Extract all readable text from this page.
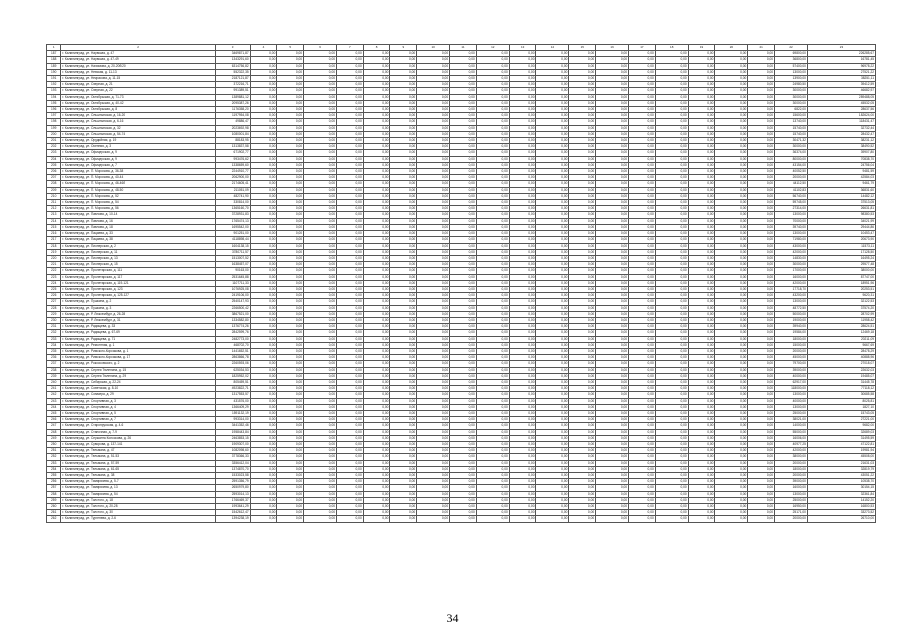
1	2	3	4	5	6	7	8	9	10	11	12	13	14	15	16	17	18	19	20	21	22	23
187	г. Калининград, ул. Нарвская, д. 47	3469871,87	0,00	0,00	0,00	0,00	0,00	0,00	0,00	0,00	0,00	0,00	0,00	0,00	0,00	0,00	0,00	0,00	0,00	0,00	69800,00	226285,67
188	г. Калининград, ул. Нарвская, д. 47-49	1343291,60	0,00	0,00	0,00	0,00	0,00	0,00	0,00	0,00	0,00	0,00	0,00	0,00	0,00	0,00	0,00	0,00	0,00	0,00	36800,00	16781,45
189	г. Калининград, ул. Нахимова, д. 20-20б/20	6314756,82	0,00	0,00	0,00	0,00	0,00	0,00	0,00	0,00	0,00	0,00	0,00	0,00	0,00	0,00	0,00	0,00	0,00	0,00	57400,00	96978,22
190	г. Калининград, ул. Невская, д. 11-13	552322,35	0,00	0,00	0,00	0,00	0,00	0,00	0,00	0,00	0,00	0,00	0,00	0,00	0,00	0,00	0,00	0,00	0,00	0,00	13000,00	27521,22
191	г. Калининград, ул. Некрасова, д. 11-15	2187121,87	0,00	0,00	0,00	0,00	0,00	0,00	0,00	0,00	0,00	0,00	0,00	0,00	0,00	0,00	0,00	0,00	0,00	0,00	13900,00	38251,11
192	г. Калининград, ул. Озерная, д. 21	372216,71	0,00	0,00	0,00	0,00	0,00	0,00	0,00	0,00	0,00	0,00	0,00	0,00	0,00	0,00	0,00	0,00	0,00	0,00	24980,50	39412,59
193	г. Калининград, ул. Озерная, д. 22	991389,51	0,00	0,00	0,00	0,00	0,00	0,00	0,00	0,00	0,00	0,00	0,00	0,00	0,00	0,00	0,00	0,00	0,00	0,00	30000,00	46682,97
194	г. Калининград, ул. Октябрьская, д. 71-73	1389881,12	0,00	0,00	0,00	0,00	0,00	0,00	0,00	0,00	0,00	0,00	0,00	0,00	0,00	0,00	0,00	0,00	0,00	0,00	30000,00	289488,05
195	г. Калининград, ул. Октябрьская, д. 40-42	2095387,26	0,00	0,00	0,00	0,00	0,00	0,00	0,00	0,00	0,00	0,00	0,00	0,00	0,00	0,00	0,00	0,00	0,00	0,00	30000,00	45532,05
196	г. Калининград, ул. Октябрьская, д. 8	1176358,20	0,00	0,00	0,00	0,00	0,00	0,00	0,00	0,00	0,00	0,00	0,00	0,00	0,00	0,00	0,00	0,00	0,00	0,00	6822,00	28637,56
197	г. Калининград, ул. Ольштынская, д. 16-20	1197954,08	0,00	0,00	0,00	0,00	0,00	0,00	0,00	0,00	0,00	0,00	0,00	0,00	0,00	0,00	0,00	0,00	0,00	0,00	15600,00	182624,00
198	г. Калининград, ул. Ольштынская, д. 6-16	49886,47	0,00	0,00	0,00	0,00	0,00	0,00	0,00	0,00	0,00	0,00	0,00	0,00	0,00	0,00	0,00	0,00	0,00	0,00	13740,00	118431,47
199	г. Калининград, ул. Ольштынская, д. 32	2023692,98	0,00	0,00	0,00	0,00	0,00	0,00	0,00	0,00	0,00	0,00	0,00	0,00	0,00	0,00	0,00	0,00	0,00	0,00	15740,00	32732,44
200	г. Калининград, ул. Ольштынская, д. 54-74	1080001,84	0,00	0,00	0,00	0,00	0,00	0,00	0,00	0,00	0,00	0,00	0,00	0,00	0,00	0,00	0,00	0,00	0,00	0,00	15740,00	28432,47
201	г. Калининград, ул. Орудийная, д. 19	88183,95	0,00	0,00	0,00	0,00	0,00	0,00	0,00	0,00	0,00	0,00	0,00	0,00	0,00	0,00	0,00	0,00	0,00	0,00	30471,32	38231,12
202	г. Калининград, ул. Осенняя, д. 3	1313837,58	0,00	0,00	0,00	0,00	0,00	0,00	0,00	0,00	0,00	0,00	0,00	0,00	0,00	0,00	0,00	0,00	0,00	0,00	30000,00	38490,52
203	г. Калининград, ул. Офицерская, д. 9	671902,77	0,00	0,00	0,00	0,00	0,00	0,00	0,00	0,00	0,00	0,00	0,00	0,00	0,00	0,00	0,00	0,00	0,00	0,00	36374,00	39907,80
204	г. Калининград, ул. Офицерская, д. 9	993476,62	0,00	0,00	0,00	0,00	0,00	0,00	0,00	0,00	0,00	0,00	0,00	0,00	0,00	0,00	0,00	0,00	0,00	0,00	80000,00	70838,70
205	г. Калининград, ул. Офицерская, д. 7	1338659,60	0,00	0,00	0,00	0,00	0,00	0,00	0,00	0,00	0,00	0,00	0,00	0,00	0,00	0,00	0,00	0,00	0,00	0,00	43154,00	24756,04
206	г. Калининград, ул. П. Морозова, д. 36-38	2244910,77	0,00	0,00	0,00	0,00	0,00	0,00	0,00	0,00	0,00	0,00	0,00	0,00	0,00	0,00	0,00	0,00	0,00	0,00	40052,50	9481,59
207	г. Калининград, ул. П. Морозова, д. 40-44	2062900,00	0,00	0,00	0,00	0,00	0,00	0,00	0,00	0,00	0,00	0,00	0,00	0,00	0,00	0,00	0,00	0,00	0,00	0,00	20000,00	42584,03
208	г. Калининград, ул. П. Морозова, д. 46-46б	2174605,41	0,00	0,00	0,00	0,00	0,00	0,00	0,00	0,00	0,00	0,00	0,00	0,00	0,00	0,00	0,00	0,00	0,00	0,00	44112,50	9461,79
209	г. Калининград, ул. П. Морозова, д. 48-50	211051,09	0,00	0,00	0,00	0,00	0,00	0,00	0,00	0,00	0,00	0,00	0,00	0,00	0,00	0,00	0,00	0,00	0,00	0,00	41102,83	36831,60
210	г. Калининград, ул. П. Морозова, д. 52	482741,90	0,00	0,00	0,00	0,00	0,00	0,00	0,00	0,00	0,00	0,00	0,00	0,00	0,00	0,00	0,00	0,00	0,00	0,00	56740,00	14482,12
211	г. Калининград, ул. П. Морозова, д. 54	330814,00	0,00	0,00	0,00	0,00	0,00	0,00	0,00	0,00	0,00	0,00	0,00	0,00	0,00	0,00	0,00	0,00	0,00	0,00	59745,00	37513,05
212	г. Калининград, ул. П. Морозова, д. 56	1365160,70	0,00	0,00	0,00	0,00	0,00	0,00	0,00	0,00	0,00	0,00	0,00	0,00	0,00	0,00	0,00	0,00	0,00	0,00	27314,00	26631,81
213	г. Калининград, ул. Павлова, д. 10-14	3728931,83	0,00	0,00	0,00	0,00	0,00	0,00	0,00	0,00	0,00	0,00	0,00	0,00	0,00	0,00	0,00	0,00	0,00	0,00	13000,00	98380,53
214	г. Калининград, ул. Павлова, д. 16	1765474,13	0,00	0,00	0,00	0,00	0,00	0,00	0,00	0,00	0,00	0,00	0,00	0,00	0,00	0,00	0,00	0,00	0,00	0,00	70000,00	34021,99
215	г. Калининград, ул. Павлова, д. 18	1695542,00	0,00	0,00	0,00	0,00	0,00	0,00	0,00	0,00	0,00	0,00	0,00	0,00	0,00	0,00	0,00	0,00	0,00	0,00	39740,00	29444,86
216	г. Калининград, ул. Пацаева, д. 33	901251,00	0,00	0,00	0,00	0,00	0,00	0,00	0,00	0,00	0,00	0,00	0,00	0,00	0,00	0,00	0,00	0,00	0,00	0,00	13000,00	10453,47
217	г. Калининград, ул. Пацаева, д. 38	4118898,44	0,00	0,00	0,00	0,00	0,00	0,00	0,00	0,00	0,00	0,00	0,00	0,00	0,00	0,00	0,00	0,00	0,00	0,00	71980,00	20673,90
218	г. Калининград, ул. Пионерская, д. 2	1604138,15	0,00	0,00	0,00	0,00	0,00	0,00	0,00	0,00	0,00	0,00	0,00	0,00	0,00	0,00	0,00	0,00	0,00	0,00	43000,00	11573,11
219	г. Калининград, ул. Пионерская, д. 11	3780711,57	0,00	0,00	0,00	0,00	0,00	0,00	0,00	0,00	0,00	0,00	0,00	0,00	0,00	0,00	0,00	0,00	0,00	0,00	42000,00	17128,50
220	г. Калининград, ул. Пионерская, д. 13	1513007,52	0,00	0,00	0,00	0,00	0,00	0,00	0,00	0,00	0,00	0,00	0,00	0,00	0,00	0,00	0,00	0,00	0,00	0,00	14830,00	16495,24
221	г. Калининград, ул. Пионерская, д. 15	1638457,07	0,00	0,00	0,00	0,00	0,00	0,00	0,00	0,00	0,00	0,00	0,00	0,00	0,00	0,00	0,00	0,00	0,00	0,00	30000,00	29577,48
222	г. Калининград, ул. Пролетарская, д. 111	90163,00	0,00	0,00	0,00	0,00	0,00	0,00	0,00	0,00	0,00	0,00	0,00	0,00	0,00	0,00	0,00	0,00	0,00	0,00	17000,00	38000,00
223	г. Калининград, ул. Пролетарская, д. 117	2531645,88	0,00	0,00	0,00	0,00	0,00	0,00	0,00	0,00	0,00	0,00	0,00	0,00	0,00	0,00	0,00	0,00	0,00	0,00	16000,00	87747,00
224	г. Калининград, ул. Пролетарская, д. 119-121	1107711,33	0,00	0,00	0,00	0,00	0,00	0,00	0,00	0,00	0,00	0,00	0,00	0,00	0,00	0,00	0,00	0,00	0,00	0,00	42000,00	18951,96
225	г. Калининград, ул. Пролетарская, д. 123	1076925,08	0,00	0,00	0,00	0,00	0,00	0,00	0,00	0,00	0,00	0,00	0,00	0,00	0,00	0,00	0,00	0,00	0,00	0,00	17718,70	20253,51
226	г. Калининград, ул. Пролетарская, д. 125-127	2419106,00	0,00	0,00	0,00	0,00	0,00	0,00	0,00	0,00	0,00	0,00	0,00	0,00	0,00	0,00	0,00	0,00	0,00	0,00	43200,00	9620,31
227	г. Калининград, ул. Пушкина, д. 2	2540147,93	0,00	0,00	0,00	0,00	0,00	0,00	0,00	0,00	0,00	0,00	0,00	0,00	0,00	0,00	0,00	0,00	0,00	0,00	13000,00	32122,53
228	г. Калининград, ул. Пушкина, д. 3	2266500,42	0,00	0,00	0,00	0,00	0,00	0,00	0,00	0,00	0,00	0,00	0,00	0,00	0,00	0,00	0,00	0,00	0,00	0,00	48772,50	37574,20
229	г. Калининград, ул. Р. Люксембург, д. 26-28	3867521,00	0,00	0,00	0,00	0,00	0,00	0,00	0,00	0,00	0,00	0,00	0,00	0,00	0,00	0,00	0,00	0,00	0,00	0,00	50000,00	28702,99
230	г. Калининград, ул. Р. Люксембург, д. 31	1334582,80	0,00	0,00	0,00	0,00	0,00	0,00	0,00	0,00	0,00	0,00	0,00	0,00	0,00	0,00	0,00	0,00	0,00	0,00	19000,00	11958,42
231	г. Калининград, ул. Радищева, д. 33	1376774,26	0,00	0,00	0,00	0,00	0,00	0,00	0,00	0,00	0,00	0,00	0,00	0,00	0,00	0,00	0,00	0,00	0,00	0,00	39940,00	28624,51
232	г. Калининград, ул. Радищева, д. 67-69	2842599,76	0,00	0,00	0,00	0,00	0,00	0,00	0,00	0,00	0,00	0,00	0,00	0,00	0,00	0,00	0,00	0,00	0,00	0,00	19584,00	12469,18
233	г. Калининград, ул. Радищева, д. 71	2482773,00	0,00	0,00	0,00	0,00	0,00	0,00	0,00	0,00	0,00	0,00	0,00	0,00	0,00	0,00	0,00	0,00	0,00	0,00	18000,00	20211,09
234	г. Калининград, ул. Ремонтная, д. 1	468702,70	0,00	0,00	0,00	0,00	0,00	0,00	0,00	0,00	0,00	0,00	0,00	0,00	0,00	0,00	0,00	0,00	0,00	0,00	15000,00	9667,69
235	г. Калининград, ул. Римского-Корсакова, д. 1	1441652,51	0,00	0,00	0,00	0,00	0,00	0,00	0,00	0,00	0,00	0,00	0,00	0,00	0,00	0,00	0,00	0,00	0,00	0,00	20000,00	28478,29
236	г. Калининград, ул. Римского-Корсакова, д. 17	2863866,78	0,00	0,00	0,00	0,00	0,00	0,00	0,00	0,00	0,00	0,00	0,00	0,00	0,00	0,00	0,00	0,00	0,00	0,00	45000,00	40888,96
237	г. Калининград, ул. Рокоссовского, д. 2	2260593,06	0,00	0,00	0,00	0,00	0,00	0,00	0,00	0,00	0,00	0,00	0,00	0,00	0,00	0,00	0,00	0,00	0,00	0,00	79700,00	27018,07
238	г. Калининград, ул. Сергея Тюленина, д. 15	625034,53	0,00	0,00	0,00	0,00	0,00	0,00	0,00	0,00	0,00	0,00	0,00	0,00	0,00	0,00	0,00	0,00	0,00	0,00	39000,00	22632,03
239	г. Калининград, ул. Сергея Тюленина, д. 29	1825952,02	0,00	0,00	0,00	0,00	0,00	0,00	0,00	0,00	0,00	0,00	0,00	0,00	0,00	0,00	0,00	0,00	0,00	0,00	40000,00	19485,07
240	г. Калининград, ул. Сибирская, д. 22-24	805459,51	0,00	0,00	0,00	0,00	0,00	0,00	0,00	0,00	0,00	0,00	0,00	0,00	0,00	0,00	0,00	0,00	0,00	0,00	62917,00	31445,78
241	г. Калининград, ул. Советская, д. 8-10	4923822,71	0,00	0,00	0,00	0,00	0,00	0,00	0,00	0,00	0,00	0,00	0,00	0,00	0,00	0,00	0,00	0,00	0,00	0,00	118000,00	77118,12
242	г. Калининград, ул. Соммера, д. 29	1317553,57	0,00	0,00	0,00	0,00	0,00	0,00	0,00	0,00	0,00	0,00	0,00	0,00	0,00	0,00	0,00	0,00	0,00	0,00	13000,00	30685,58
243	г. Калининград, ул. Спортивная, д. 3	431576,00	0,00	0,00	0,00	0,00	0,00	0,00	0,00	0,00	0,00	0,00	0,00	0,00	0,00	0,00	0,00	0,00	0,00	0,00	40000,00	8025,81
244	г. Калининград, ул. Спортивная, д. 4	1366409,29	0,00	0,00	0,00	0,00	0,00	0,00	0,00	0,00	0,00	0,00	0,00	0,00	0,00	0,00	0,00	0,00	0,00	0,00	13000,00	1827,10
245	г. Калининград, ул. Спортивная, д. 5	1591132,19	0,00	0,00	0,00	0,00	0,00	0,00	0,00	0,00	0,00	0,00	0,00	0,00	0,00	0,00	0,00	0,00	0,00	0,00	25000,00	15743,05
246	г. Калининград, ул. Спортивная, д. 7	993314,00	0,00	0,00	0,00	0,00	0,00	0,00	0,00	0,00	0,00	0,00	0,00	0,00	0,00	0,00	0,00	0,00	0,00	0,00	38021,00	27221,00
247	г. Калининград, ул. Старопрусская, д. 4-6	3441352,46	0,00	0,00	0,00	0,00	0,00	0,00	0,00	0,00	0,00	0,00	0,00	0,00	0,00	0,00	0,00	0,00	0,00	0,00	14000,00	9682,00
248	г. Калининград, ул. Станочная, д. 7-9	1958443,84	0,00	0,00	0,00	0,00	0,00	0,00	0,00	0,00	0,00	0,00	0,00	0,00	0,00	0,00	0,00	0,00	0,00	0,00	55000,00	32689,03
249	г. Калининград, ул. Сержанта Колоскова, д. 26	2463853,15	0,00	0,00	0,00	0,00	0,00	0,00	0,00	0,00	0,00	0,00	0,00	0,00	0,00	0,00	0,00	0,00	0,00	0,00	16006,00	31495,59
250	г. Калининград, ул. Суворова, д. 137-141	1909307,00	0,00	0,00	0,00	0,00	0,00	0,00	0,00	0,00	0,00	0,00	0,00	0,00	0,00	0,00	0,00	0,00	0,00	0,00	40977,25	47122,81
251	г. Калининград, ул. Тельмана, д. 47	1082098,60	0,00	0,00	0,00	0,00	0,00	0,00	0,00	0,00	0,00	0,00	0,00	0,00	0,00	0,00	0,00	0,00	0,00	0,00	42000,00	19981,94
252	г. Калининград, ул. Тельмана, д. 51-53	3778366,33	0,00	0,00	0,00	0,00	0,00	0,00	0,00	0,00	0,00	0,00	0,00	0,00	0,00	0,00	0,00	0,00	0,00	0,00	38000,00	45508,00
253	г. Калининград, ул. Тельмана, д. 57-59	3356412,04	0,00	0,00	0,00	0,00	0,00	0,00	0,00	0,00	0,00	0,00	0,00	0,00	0,00	0,00	0,00	0,00	0,00	0,00	20000,00	21631,03
254	г. Калининград, ул. Тельмана, д. 61-65	1374870,70	0,00	0,00	0,00	0,00	0,00	0,00	0,00	0,00	0,00	0,00	0,00	0,00	0,00	0,00	0,00	0,00	0,00	0,00	18000,00	32819,79
255	г. Калининград, ул. Тельмана, д. 38	1533023,58	0,00	0,00	0,00	0,00	0,00	0,00	0,00	0,00	0,00	0,00	0,00	0,00	0,00	0,00	0,00	0,00	0,00	0,00	20000,00	43051,22
256	г. Калининград, ул. Тимирязева, д. 5-7	2591356,79	0,00	0,00	0,00	0,00	0,00	0,00	0,00	0,00	0,00	0,00	0,00	0,00	0,00	0,00	0,00	0,00	0,00	0,00	39000,00	10538,70
257	г. Калининград, ул. Тимирязева, д. 13	2650979,80	0,00	0,00	0,00	0,00	0,00	0,00	0,00	0,00	0,00	0,00	0,00	0,00	0,00	0,00	0,00	0,00	0,00	0,00	16000,00	30154,15
258	г. Калининград, ул. Тимирязева, д. 54	2593014,13	0,00	0,00	0,00	0,00	0,00	0,00	0,00	0,00	0,00	0,00	0,00	0,00	0,00	0,00	0,00	0,00	0,00	0,00	13000,00	32361,84
259	г. Калининград, ул. Толстого, д. 18	1766469,37	0,00	0,00	0,00	0,00	0,00	0,00	0,00	0,00	0,00	0,00	0,00	0,00	0,00	0,00	0,00	0,00	0,00	0,00	25000,00	14152,20
260	г. Калининград, ул. Толстого, д. 20-28	1993641,29	0,00	0,00	0,00	0,00	0,00	0,00	0,00	0,00	0,00	0,00	0,00	0,00	0,00	0,00	0,00	0,00	0,00	0,00	16950,00	16800,53
261	г. Калининград, ул. Толстого, д. 30	1542612,47	0,00	0,00	0,00	0,00	0,00	0,00	0,00	0,00	0,00	0,00	0,00	0,00	0,00	0,00	0,00	0,00	0,00	0,00	25171,00	33273,52
262	г. Калининград, ул. Тургенева, д. 2-6	1394238,19	0,00	0,00	0,00	0,00	0,00	0,00	0,00	0,00	0,00	0,00	0,00	0,00	0,00	0,00	0,00	0,00	0,00	0,00	20000,00	26710,00
34
